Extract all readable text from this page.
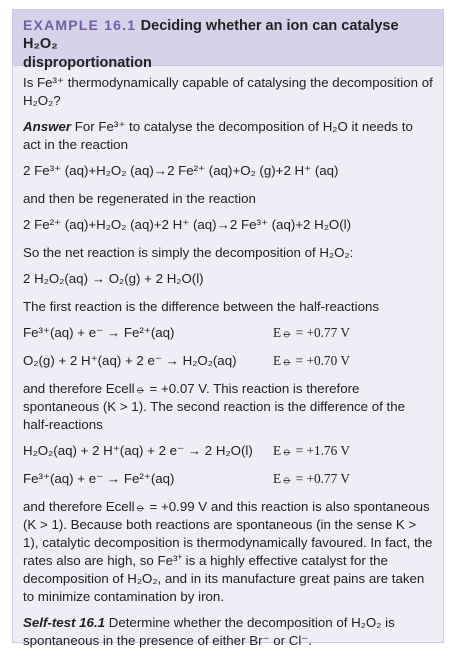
EXAMPLE 16.1 Deciding whether an ion can catalyse H₂O₂
disproportionation

Is Fe³⁺ thermodynamically capable of catalysing the decomposition of H₂O₂?

Answer For Fe³⁺ to catalyse the decomposition of H₂O it needs to act in the reaction

2 Fe³⁺ (aq)+H₂O₂ (aq)→2 Fe²⁺ (aq)+O₂ (g)+2 H⁺ (aq)

and then be regenerated in the reaction

2 Fe²⁺ (aq)+H₂O₂ (aq)+2 H⁺ (aq)→2 Fe³⁺ (aq)+2 H₂O(l)

So the net reaction is simply the decomposition of H₂O₂:

2 H₂O₂(aq) → O₂(g) + 2 H₂O(l)

The first reaction is the difference between the half-reactions

Fe³⁺(aq) + e⁻ → Fe²⁺(aq)	E⦵ = +0.77 V
O₂(g) + 2 H⁺(aq) + 2 e⁻ → H₂O₂(aq)	E⦵ = +0.70 V

and therefore Ecell⦵ = +0.07 V. This reaction is therefore spontaneous (K > 1). The second reaction is the difference of the half-reactions

H₂O₂(aq) + 2 H⁺(aq) + 2 e⁻ → 2 H₂O(l)	E⦵ = +1.76 V
Fe³⁺(aq) + e⁻ → Fe²⁺(aq)	E⦵ = +0.77 V

and therefore Ecell⦵ = +0.99 V and this reaction is also spontaneous (K > 1). Because both reactions are spontaneous (in the sense K > 1), catalytic decomposition is thermodynamically favoured. In fact, the rates also are high, so Fe³⁺ is a highly effective catalyst for the decomposition of H₂O₂, and in its manufacture great pains are taken to minimize contamination by iron.

Self-test 16.1 Determine whether the decomposition of H₂O₂ is spontaneous in the presence of either Br⁻ or Cl⁻.
